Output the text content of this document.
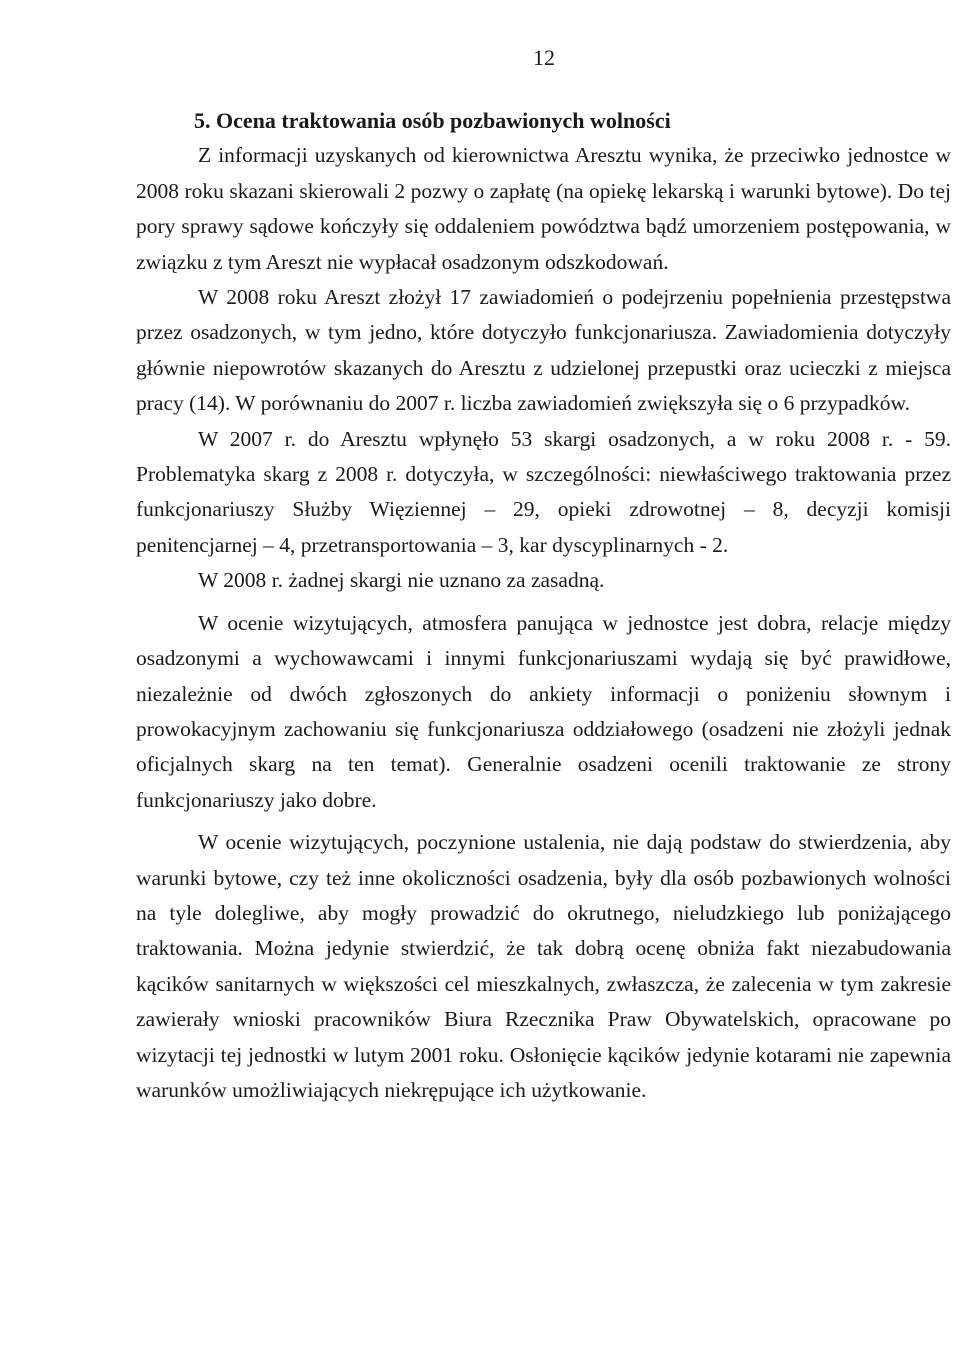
12
5. Ocena traktowania osób pozbawionych wolności

Z informacji uzyskanych od kierownictwa Aresztu wynika, że przeciwko jednostce w 2008 roku skazani skierowali 2 pozwy o zapłatę (na opiekę lekarską i warunki bytowe). Do tej pory sprawy sądowe kończyły się oddaleniem powództwa bądź umorzeniem postępowania, w związku z tym Areszt nie wypłacał osadzonym odszkodowań.

W 2008 roku Areszt złożył 17 zawiadomień o podejrzeniu popełnienia przestępstwa przez osadzonych, w tym jedno, które dotyczyło funkcjonariusza. Zawiadomienia dotyczyły głównie niepowrotów skazanych do Aresztu z udzielonej przepustki oraz ucieczki z miejsca pracy (14). W porównaniu do 2007 r. liczba zawiadomień zwiększyła się o 6 przypadków.

W 2007 r. do Aresztu wpłynęło 53 skargi osadzonych, a w roku 2008 r. - 59. Problematyka skarg z 2008 r. dotyczyła, w szczególności: niewłaściwego traktowania przez funkcjonariuszy Służby Więziennej – 29, opieki zdrowotnej – 8, decyzji komisji penitencjarnej – 4, przetransportowania – 3, kar dyscyplinarnych - 2.

W 2008 r. żadnej skargi nie uznano za zasadną.

W ocenie wizytujących, atmosfera panująca w jednostce jest dobra, relacje między osadzonymi a wychowawcami i innymi funkcjonariuszami wydają się być prawidłowe, niezależnie od dwóch zgłoszonych do ankiety informacji o poniżeniu słownym i prowokacyjnym zachowaniu się funkcjonariusza oddziałowego (osadzeni nie złożyli jednak oficjalnych skarg na ten temat). Generalnie osadzeni ocenili traktowanie ze strony funkcjonariuszy jako dobre.

W ocenie wizytujących, poczynione ustalenia, nie dają podstaw do stwierdzenia, aby warunki bytowe, czy też inne okoliczności osadzenia, były dla osób pozbawionych wolności na tyle dolegliwe, aby mogły prowadzić do okrutnego, nieludzkiego lub poniżającego traktowania. Można jedynie stwierdzić, że tak dobrą ocenę obniża fakt niezabudowania kącików sanitarnych w większości cel mieszkalnych, zwłaszcza, że zalecenia w tym zakresie zawierały wnioski pracowników Biura Rzecznika Praw Obywatelskich, opracowane po wizytacji tej jednostki w lutym 2001 roku. Osłonięcie kącików jedynie kotarami nie zapewnia warunków umożliwiających niekrępujące ich użytkowanie.
